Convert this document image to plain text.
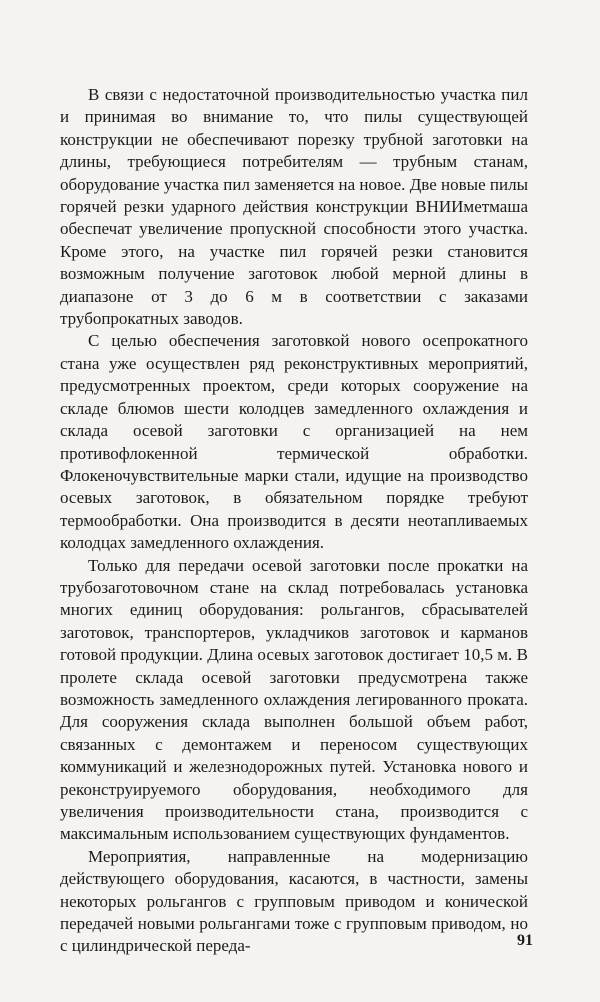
В связи с недостаточной производительностью участка пил и принимая во внимание то, что пилы существующей конструкции не обеспечивают порезку трубной заготовки на длины, требующиеся потребителям — трубным станам, оборудование участка пил заменяется на новое. Две новые пилы горячей резки ударного действия конструкции ВНИИметмаша обеспечат увеличение пропускной способности этого участка. Кроме этого, на участке пил горячей резки становится возможным получение заготовок любой мерной длины в диапазоне от 3 до 6 м в соответствии с заказами трубопрокатных заводов.

С целью обеспечения заготовкой нового осепрокатного стана уже осуществлен ряд реконструктивных мероприятий, предусмотренных проектом, среди которых сооружение на складе блюмов шести колодцев замедленного охлаждения и склада осевой заготовки с организацией на нем противофлокенной термической обработки. Флокеночувствительные марки стали, идущие на производство осевых заготовок, в обязательном порядке требуют термообработки. Она производится в десяти неотапливаемых колодцах замедленного охлаждения.

Только для передачи осевой заготовки после прокатки на трубозаготовочном стане на склад потребовалась установка многих единиц оборудования: рольгангов, сбрасывателей заготовок, транспортеров, укладчиков заготовок и карманов готовой продукции. Длина осевых заготовок достигает 10,5 м. В пролете склада осевой заготовки предусмотрена также возможность замедленного охлаждения легированного проката. Для сооружения склада выполнен большой объем работ, связанных с демонтажем и переносом существующих коммуникаций и железнодорожных путей. Установка нового и реконструируемого оборудования, необходимого для увеличения производительности стана, производится с максимальным использованием существующих фундаментов.

Мероприятия, направленные на модернизацию действующего оборудования, касаются, в частности, замены некоторых рольгангов с групповым приводом и конической передачей новыми рольгангами тоже с групповым приводом, но с цилиндрической переда-	91
